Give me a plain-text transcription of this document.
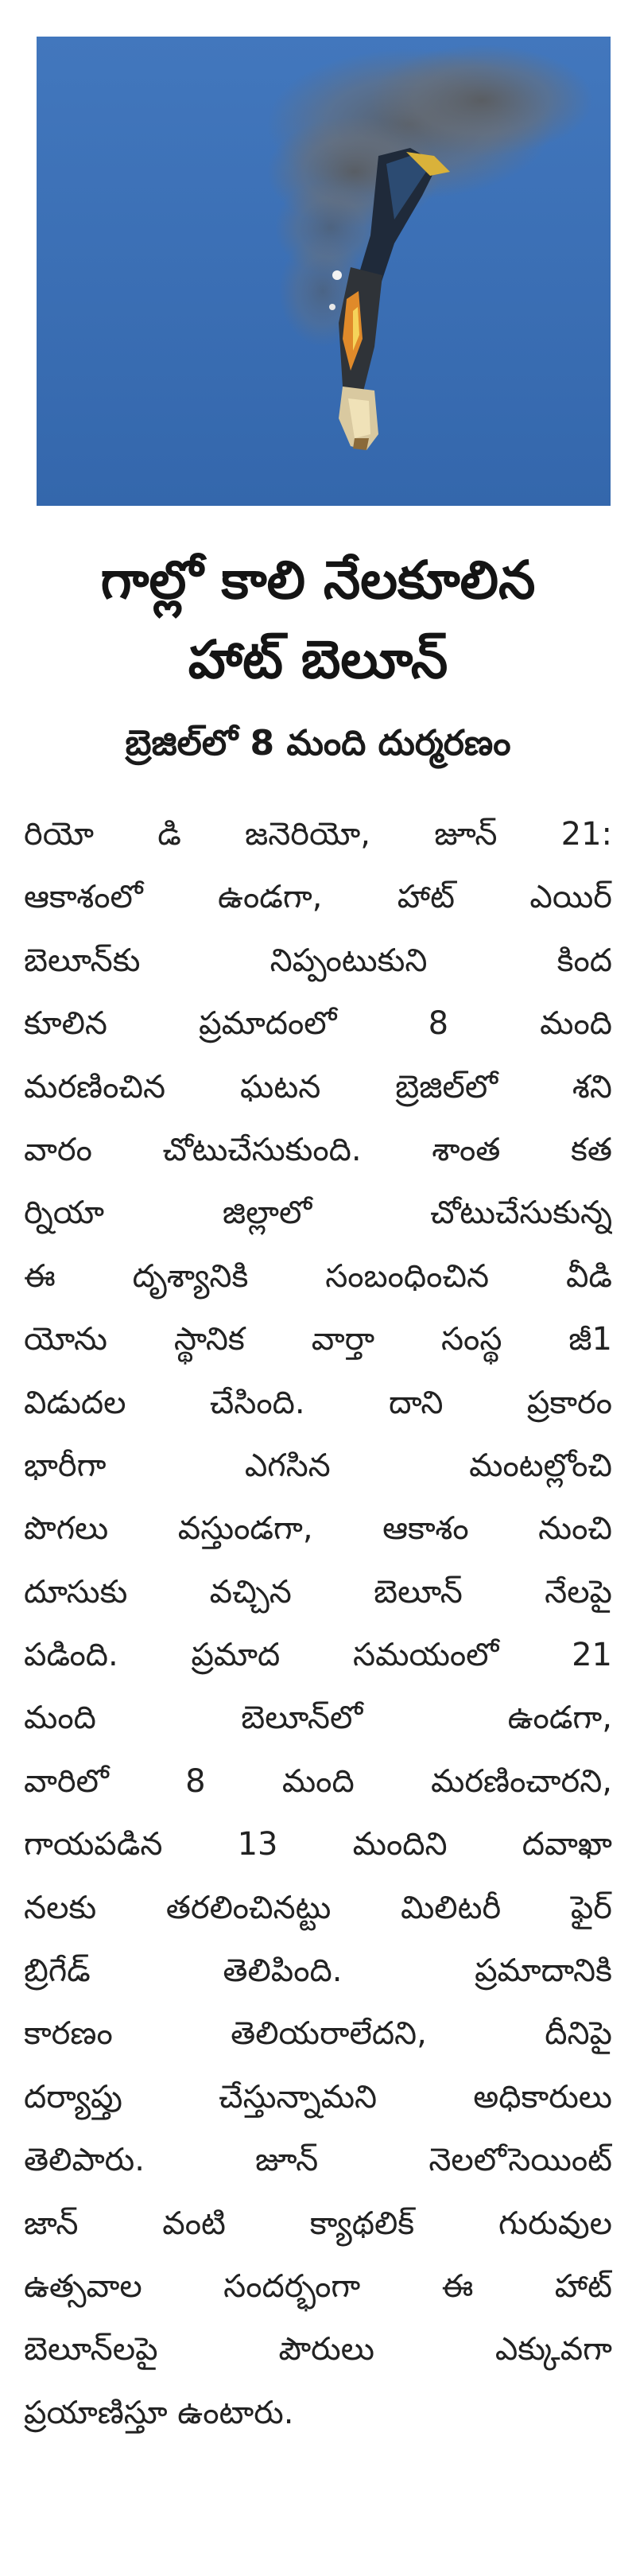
గాల్లో కాలి నేలకూలిన
హాట్ బెలూన్
బ్రెజిల్‌లో 8 మంది దుర్మరణం
రియో డి జనెరియో, జూన్ 21:
ఆకాశంలో ఉండగా, హాట్ ఎయిర్
బెలూన్‌కు నిప్పంటుకుని కింద
కూలిన ప్రమాదంలో 8 మంది
మరణించిన ఘటన బ్రెజిల్‌లో శని
వారం చోటుచేసుకుంది. శాంత కత
ర్నియా జిల్లాలో చోటుచేసుకున్న
ఈ దృశ్యానికి సంబంధించిన వీడి
యోను స్థానిక వార్తా సంస్థ జీ1
విడుదల చేసింది. దాని ప్రకారం
భారీగా ఎగసిన మంటల్లోంచి
పొగలు వస్తుండగా, ఆకాశం నుంచి
దూసుకు వచ్చిన బెలూన్ నేలపై
పడింది. ప్రమాద సమయంలో 21
మంది బెలూన్‌లో ఉండగా,
వారిలో 8 మంది మరణించారని,
గాయపడిన 13 మందిని దవాఖా
నలకు తరలించినట్టు మిలిటరీ ఫైర్
బ్రిగేడ్ తెలిపింది. ప్రమాదానికి
కారణం తెలియరాలేదని, దీనిపై
దర్యాప్తు చేస్తున్నామని అధికారులు
తెలిపారు. జూన్ నెలలోసెయింట్
జాన్ వంటి క్యాథలిక్ గురువుల
ఉత్సవాల సందర్భంగా ఈ హాట్
బెలూన్‌లపై పౌరులు ఎక్కువగా
ప్రయాణిస్తూ ఉంటారు.
